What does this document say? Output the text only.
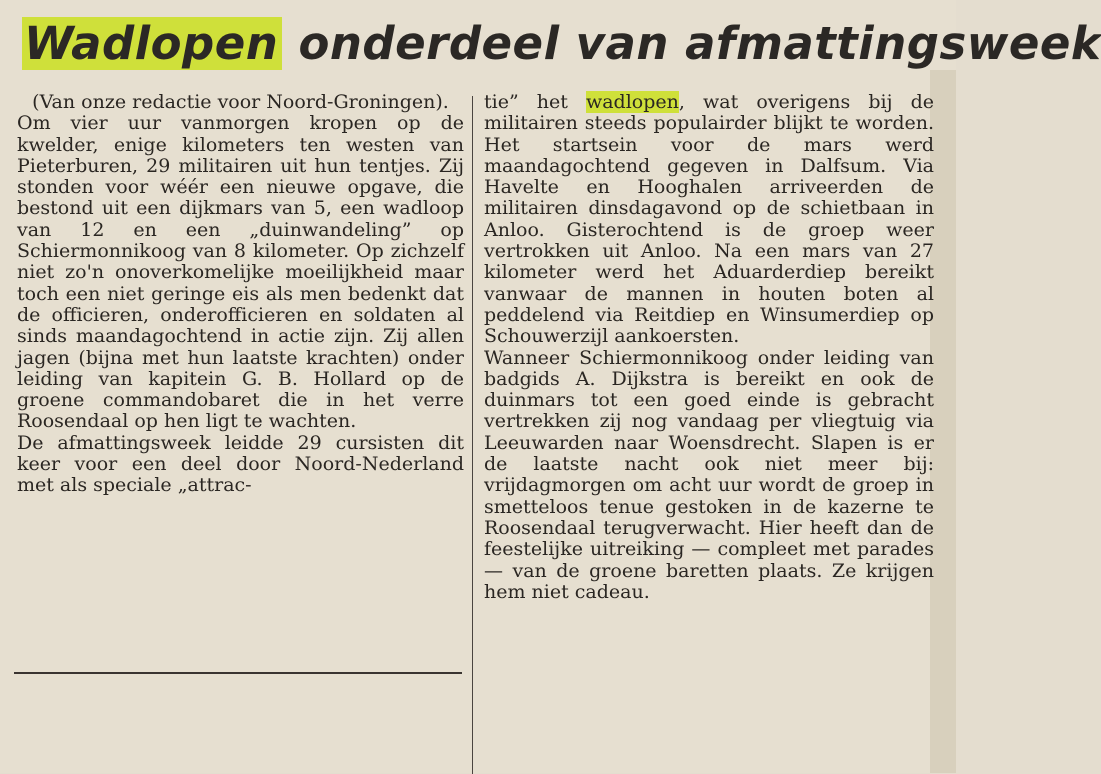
Wadlopen onderdeel van afmattingsweek

(Van onze redactie voor Noord-Groningen).

Om vier uur vanmorgen kropen op de kwelder, enige kilometers ten westen van Pieterburen, 29 militairen uit hun tentjes. Zij stonden voor wéér een nieuwe opgave, die bestond uit een dijkmars van 5, een wadloop van 12 en een „duinwandeling” op Schiermonnikoog van 8 kilometer. Op zichzelf niet zo'n onoverkomelijke moeilijkheid maar toch een niet geringe eis als men bedenkt dat de officieren, onderofficieren en soldaten al sinds maandagochtend in actie zijn. Zij allen jagen (bijna met hun laatste krachten) onder leiding van kapitein G. B. Hollard op de groene commandobaret die in het verre Roosendaal op hen ligt te wachten.

De afmattingsweek leidde 29 cursisten dit keer voor een deel door Noord-Nederland met als speciale „attrac-

tie” het wadlopen, wat overigens bij de militairen steeds populairder blijkt te worden. Het startsein voor de mars werd maandagochtend gegeven in Dalfsum. Via Havelte en Hooghalen arriveerden de militairen dinsdagavond op de schietbaan in Anloo. Gisterochtend is de groep weer vertrokken uit Anloo. Na een mars van 27 kilometer werd het Aduarderdiep bereikt vanwaar de mannen in houten boten al peddelend via Reitdiep en Winsumerdiep op Schouwerzijl aankoersten.

Wanneer Schiermonnikoog onder leiding van badgids A. Dijkstra is bereikt en ook de duinmars tot een goed einde is gebracht vertrekken zij nog vandaag per vliegtuig via Leeuwarden naar Woensdrecht. Slapen is er de laatste nacht ook niet meer bij: vrijdagmorgen om acht uur wordt de groep in smetteloos tenue gestoken in de kazerne te Roosendaal terugverwacht. Hier heeft dan de feestelijke uitreiking — compleet met parades — van de groene baretten plaats. Ze krijgen hem niet cadeau.
